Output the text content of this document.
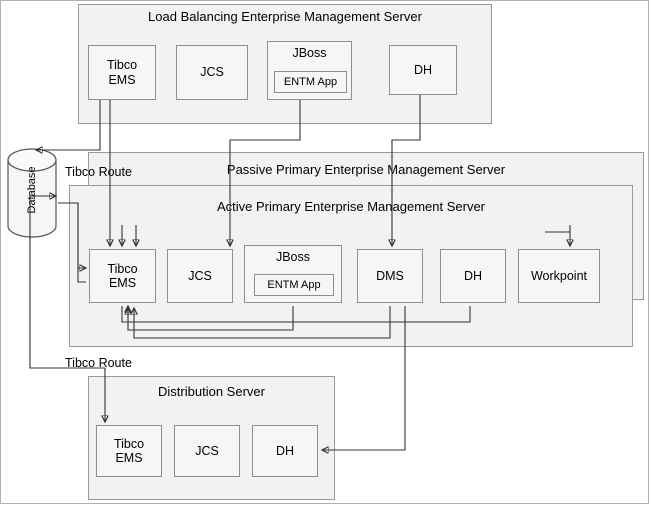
Load Balancing Enterprise Management Server
Tibco
EMS
JCS
JBoss
ENTM App
DH
Passive Primary Enterprise Management Server
Active Primary Enterprise Management Server
Tibco
EMS
JCS
JBoss
ENTM App
DMS	DH	Workpoint
Distribution Server
Tibco
EMS
JCS	DH
Database Tibco Route
Tibco Route
